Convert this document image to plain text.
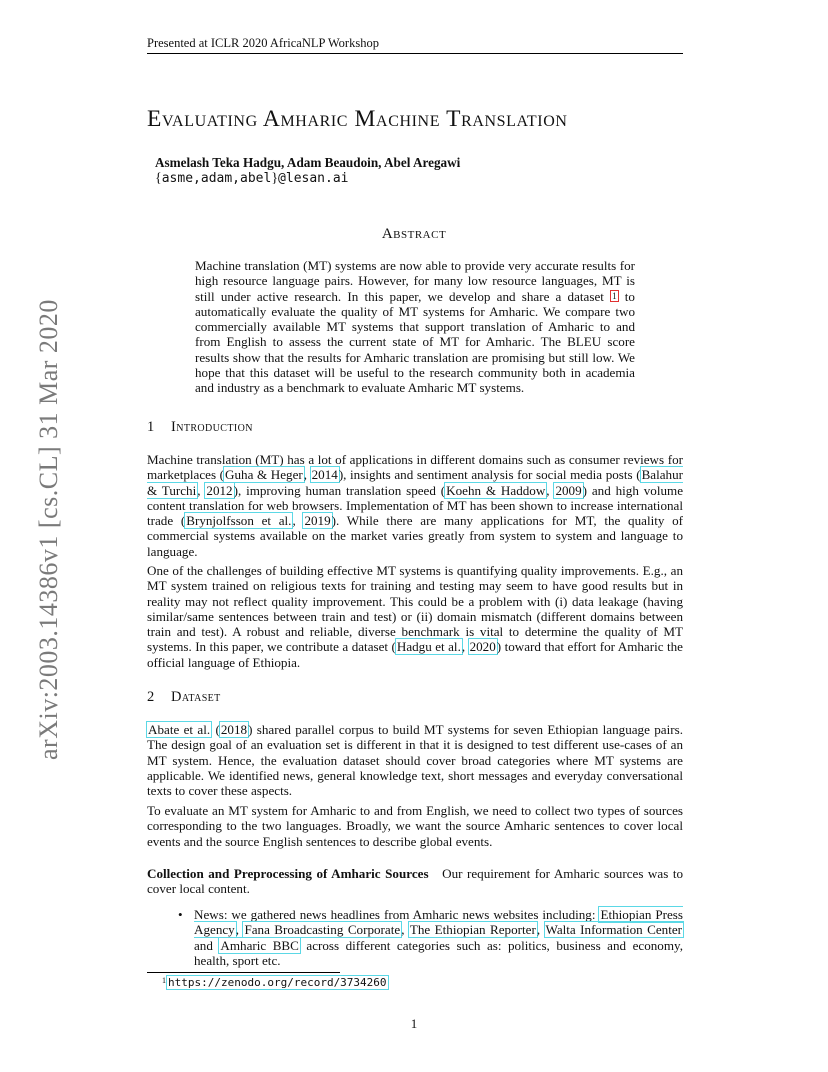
Presented at ICLR 2020 AfricaNLP Workshop
arXiv:2003.14386v1 [cs.CL] 31 Mar 2020
Evaluating Amharic Machine Translation
Asmelash Teka Hadgu, Adam Beaudoin, Abel Aregawi
{asme,adam,abel}@lesan.ai
Abstract
Machine translation (MT) systems are now able to provide very accurate results for high resource language pairs. However, for many low resource languages, MT is still under active research. In this paper, we develop and share a dataset $^1$ to automatically evaluate the quality of MT systems for Amharic. We compare two commercially available MT systems that support translation of Amharic to and from English to assess the current state of MT for Amharic. The BLEU score results show that the results for Amharic translation are promising but still low. We hope that this dataset will be useful to the research community both in academia and industry as a benchmark to evaluate Amharic MT systems.
1 Introduction

Machine translation (MT) has a lot of applications in different domains such as consumer reviews for marketplaces (Guha & Heger, 2014), insights and sentiment analysis for social media posts (Balahur & Turchi, 2012), improving human translation speed (Koehn & Haddow, 2009) and high volume content translation for web browsers. Implementation of MT has been shown to increase international trade (Brynjolfsson et al., 2019). While there are many applications for MT, the quality of commercial systems available on the market varies greatly from system to system and language to language.

One of the challenges of building effective MT systems is quantifying quality improvements. E.g., an MT system trained on religious texts for training and testing may seem to have good results but in reality may not reflect quality improvement. This could be a problem with (i) data leakage (having similar/same sentences between train and test) or (ii) domain mismatch (different domains between train and test). A robust and reliable, diverse benchmark is vital to determine the quality of MT systems. In this paper, we contribute a dataset (Hadgu et al., 2020) toward that effort for Amharic the official language of Ethiopia.

2 Dataset

Abate et al. (2018) shared parallel corpus to build MT systems for seven Ethiopian language pairs. The design goal of an evaluation set is different in that it is designed to test different use-cases of an MT system. Hence, the evaluation dataset should cover broad categories where MT systems are applicable. We identified news, general knowledge text, short messages and everyday conversational texts to cover these aspects.

To evaluate an MT system for Amharic to and from English, we need to collect two types of sources corresponding to the two languages. Broadly, we want the source Amharic sentences to cover local events and the source English sentences to describe global events.

Collection and Preprocessing of Amharic Sources Our requirement for Amharic sources was to cover local content.

• News: we gathered news headlines from Amharic news websites including: Ethiopian Press Agency, Fana Broadcasting Corporate, The Ethiopian Reporter, Walta Information Center and Amharic BBC across different categories such as: politics, business and economy, health, sport etc.
$^1$ https://zenodo.org/record/3734260
1
